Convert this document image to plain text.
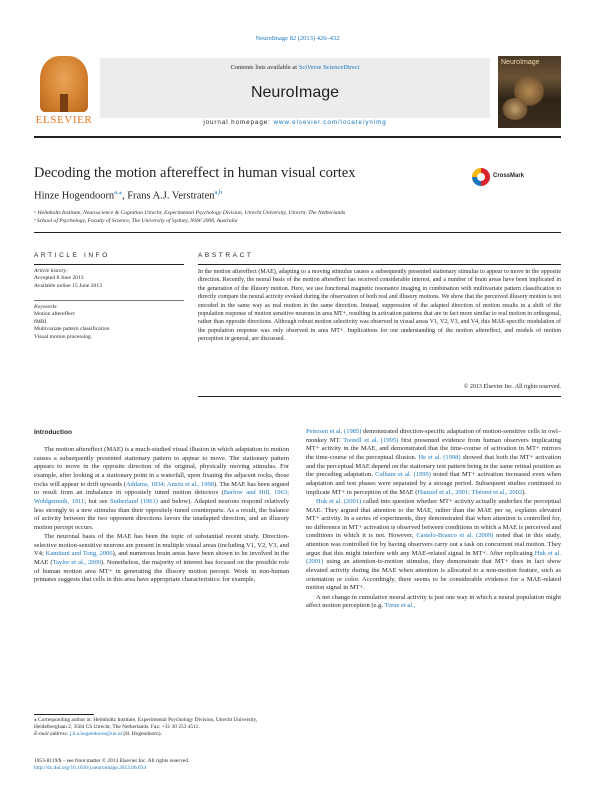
NeuroImage 82 (2013) 426–432
ELSEVIER
Contents lists available at SciVerse ScienceDirect
NeuroImage
journal homepage: www.elsevier.com/locate/ynimg
NeuroImage
Decoding the motion aftereffect in human visual cortex	CrossMark
Hinze Hogendoorn$^{a,⁎}$, Frans A.J. Verstraten$^{a,b}$
ᵃ Helmholtz Institute, Neuroscience & Cognition Utrecht, Experimental Psychology Division, Utrecht University, Utrecht, The Netherlands
ᵇ School of Psychology, Faculty of Science, The University of Sydney, NSW 2006, Australia
ARTICLE INFO	ABSTRACT
Article history:
Accepted 8 June 2013
Available online 15 June 2013
Keywords:
Motion aftereffect
fMRI
Multivariate pattern classification
Visual motion processing
In the motion aftereffect (MAE), adapting to a moving stimulus causes a subsequently presented stationary stimulus to appear to move in the opposite direction. Recently, the neural basis of the motion aftereffect has received considerable interest, and a number of brain areas have been implicated in the generation of the illusory motion. Here, we use functional magnetic resonance imaging in combination with multivariate pattern classification to directly compare the neural activity evoked during the observation of both real and illusory motions. We show that the perceived illusory motion is not encoded in the same way as real motion in the same direction. Instead, suppression of the adapted direction of motion results in a shift of the population response of motion sensitive neurons in area MT+, resulting in activation patterns that are in fact more similar to real motion in orthogonal, rather than opposite directions. Although robust motion selectivity was observed in visual areas V1, V2, V3, and V4, this MAE-specific modulation of the population response was only observed in area MT+. Implications for our understanding of the motion aftereffect, and models of motion perception in general, are discussed.
© 2013 Elsevier Inc. All rights reserved.
Introduction

The motion aftereffect (MAE) is a much-studied visual illusion in which adaptation to motion causes a subsequently presented stationary pattern to appear to move. The stationary pattern appears to move in the opposite direction of the original, physically moving stimulus. For example, after looking at a stationary point in a waterfall, upon fixating the adjacent rocks, those rocks will appear to drift upwards (Addams, 1834; Anstis et al., 1998). The MAE has been argued to result from an imbalance in oppositely tuned motion detectors (Barlow and Hill, 1963; Wohlgemuth, 1911; but see Sutherland (1961) and below). Adapted neurons respond relatively less strongly to a new stimulus than their oppositely-tuned counterparts. As a result, the balance of activity between the two opponent directions favors the unadapted direction, and an illusory motion percept occurs.

The neuronal basis of the MAE has been the topic of substantial recent study. Direction-selective motion-sensitive neurons are present in multiple visual areas (including V1, V2, V3, and V4; Kamitani and Tong, 2006), and numerous brain areas have been shown to be involved in the MAE (Taylor et al., 2000). Nonetheless, the majority of interest has focused on the possible role of human motion area MT+ in generating the illusory motion percept. Work in non-human primates suggests that cells in this area have appropriate characteristics: for example,

Petersen et al. (1985) demonstrated direction-specific adaptation of motion-sensitive cells in owl–monkey MT. Tootell et al. (1995) first presented evidence from human observers implicating MT+ activity in the MAE, and demonstrated that the time-course of activation in MT+ mirrors the time-course of the perceptual illusion. He et al. (1998) showed that both the MT+ activation and the perceptual MAE depend on the stationary test pattern being in the same retinal position as the preceding adaptation. Culham et al. (1999) noted that MT+ activation increased even when adaptation and test phases were separated by a storage period. Subsequent studies continued to implicate MT+ in perception of the MAE (Hautzel et al., 2001; Théoret et al., 2002).

Huk et al. (2001) called into question whether MT+ activity actually underlies the perceptual MAE. They argued that attention to the MAE, rather than the MAE per se, explains elevated MT+ activity. In a series of experiments, they demonstrated that when attention is controlled for, no difference in MT+ activation is observed between conditions in which a MAE is perceived and conditions in which it is not. However, Castelo-Branco et al. (2009) noted that in this study, attention was controlled for by having observers carry out a task on concurrent real motion. They argue that this might interfere with any MAE-related signal in MT+. After replicating Huk et al. (2001) using an attention-to-motion stimulus, they demonstrate that MT+ does in fact show elevated activity during the MAE when attention is allocated to a non-motion feature, such as orientation or color. Accordingly, there seems to be considerable evidence for a MAE-related motion signal in MT+.

A net change in cumulative neural activity is just one way in which a neural population might affect motion perception (e.g. Treue et al.,

⁎ Corresponding author at: Helmholtz Institute, Experimental Psychology Division, Utrecht University, Heidelberglaan 2, 3584 CS Utrecht, The Netherlands. Fax: +31 30 253 4511.
E-mail address: j.h.a.hogendoorn@uu.nl (H. Hogendoorn).
1053-8119/$ – see front matter © 2013 Elsevier Inc. All rights reserved.
http://dx.doi.org/10.1016/j.neuroimage.2013.06.034
